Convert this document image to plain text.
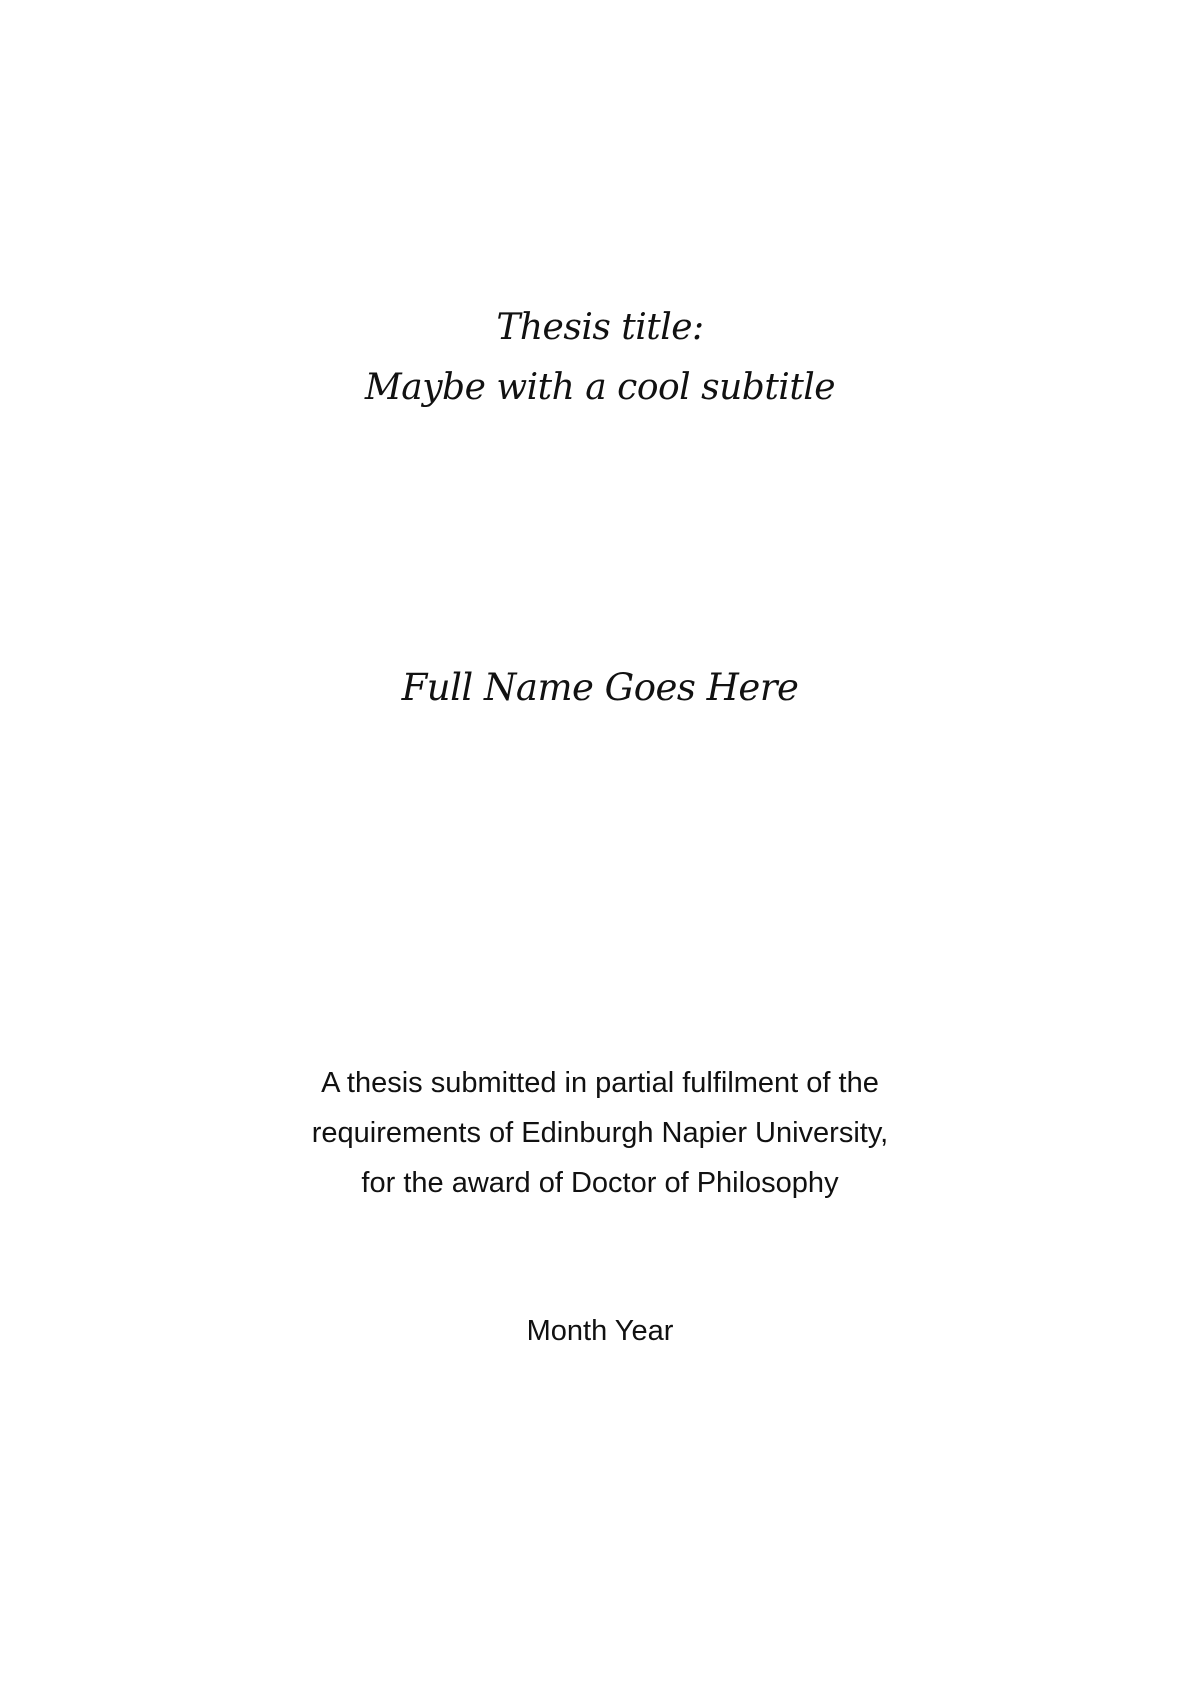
Thesis title:
Maybe with a cool subtitle
Full Name Goes Here
A thesis submitted in partial fulfilment of the
requirements of Edinburgh Napier University,
for the award of Doctor of Philosophy
Month Year
